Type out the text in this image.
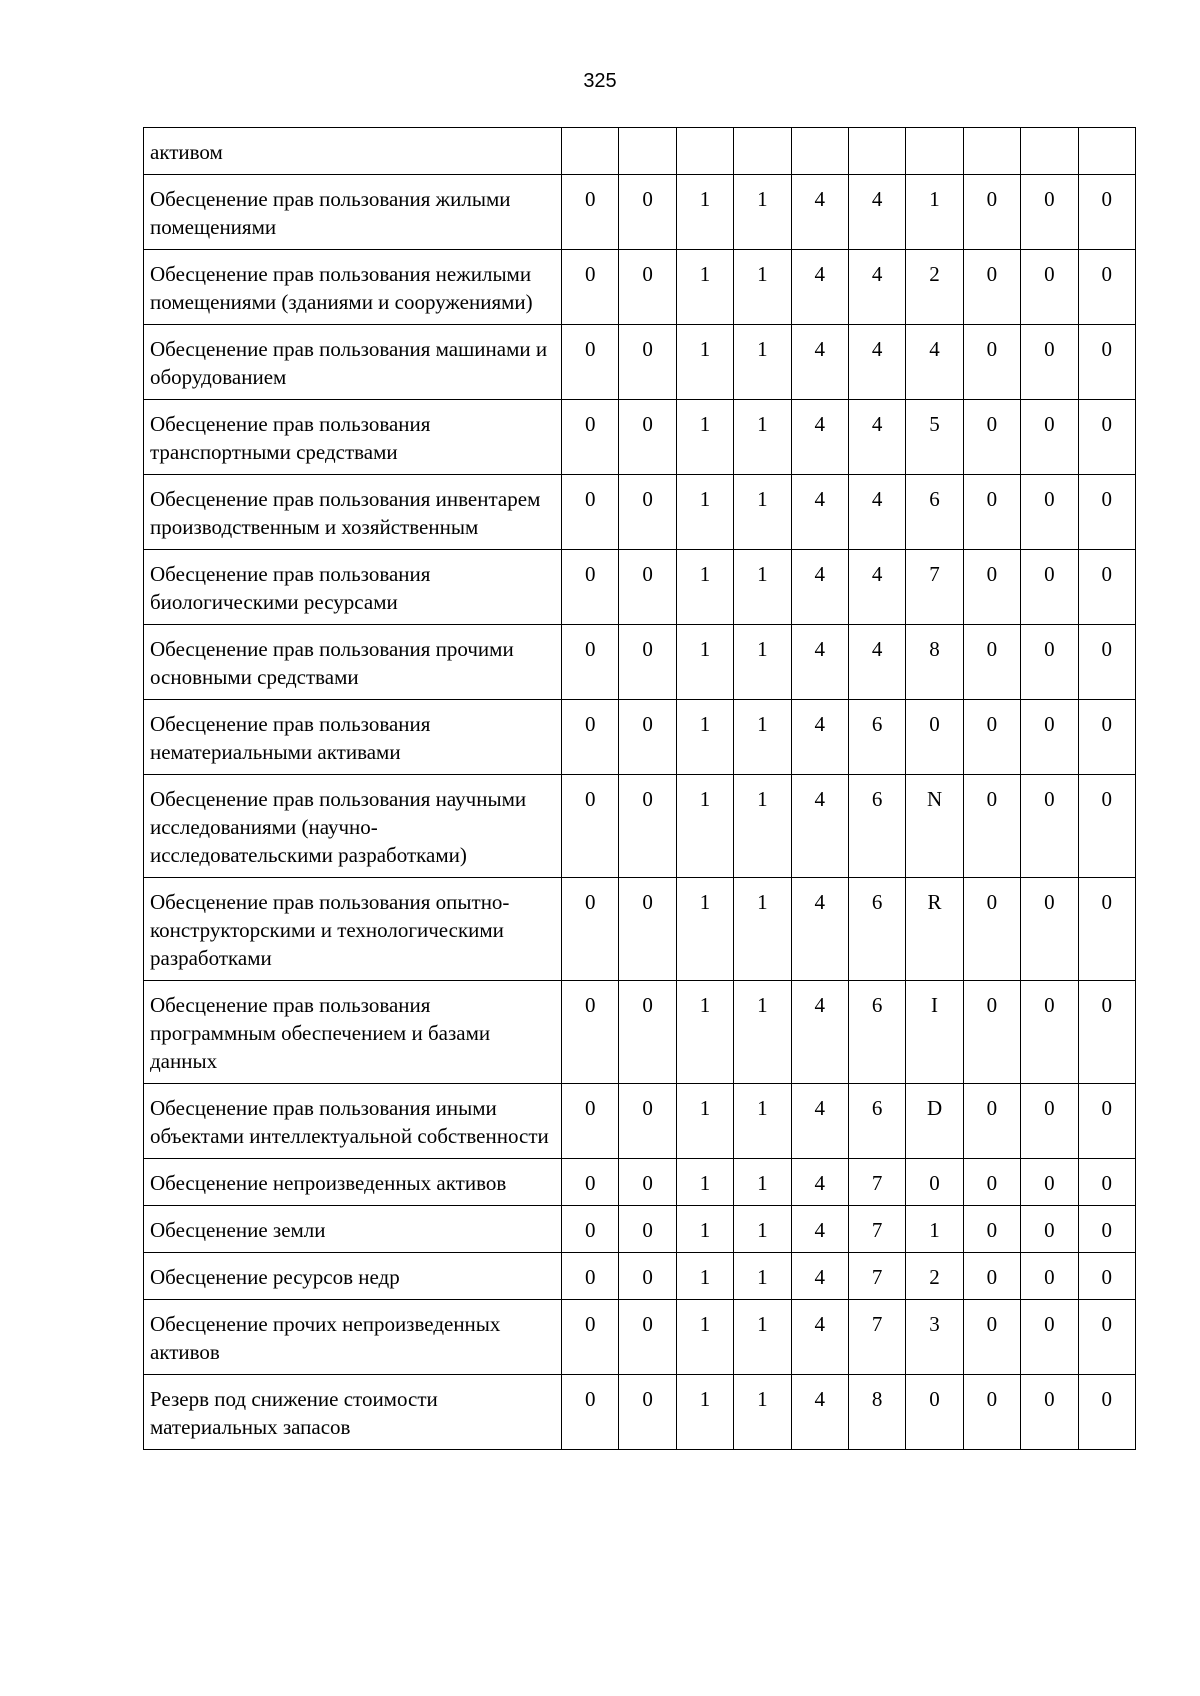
325
активом										
Обесценение прав пользования жилыми помещениями	0	0	1	1	4	4	1	0	0	0
Обесценение прав пользования нежилыми помещениями (зданиями и сооружениями)	0	0	1	1	4	4	2	0	0	0
Обесценение прав пользования машинами и оборудованием	0	0	1	1	4	4	4	0	0	0
Обесценение прав пользования транспортными средствами	0	0	1	1	4	4	5	0	0	0
Обесценение прав пользования инвентарем производственным и хозяйственным	0	0	1	1	4	4	6	0	0	0
Обесценение прав пользования биологическими ресурсами	0	0	1	1	4	4	7	0	0	0
Обесценение прав пользования прочими основными средствами	0	0	1	1	4	4	8	0	0	0
Обесценение прав пользования нематериальными активами	0	0	1	1	4	6	0	0	0	0
Обесценение прав пользования научными исследованиями (научно-исследовательскими разработками)	0	0	1	1	4	6	N	0	0	0
Обесценение прав пользования опытно-конструкторскими и технологическими разработками	0	0	1	1	4	6	R	0	0	0
Обесценение прав пользования программным обеспечением и базами данных	0	0	1	1	4	6	I	0	0	0
Обесценение прав пользования иными объектами интеллектуальной собственности	0	0	1	1	4	6	D	0	0	0
Обесценение непроизведенных активов	0	0	1	1	4	7	0	0	0	0
Обесценение земли	0	0	1	1	4	7	1	0	0	0
Обесценение ресурсов недр	0	0	1	1	4	7	2	0	0	0
Обесценение прочих непроизведенных активов	0	0	1	1	4	7	3	0	0	0
Резерв под снижение стоимости материальных запасов	0	0	1	1	4	8	0	0	0	0
